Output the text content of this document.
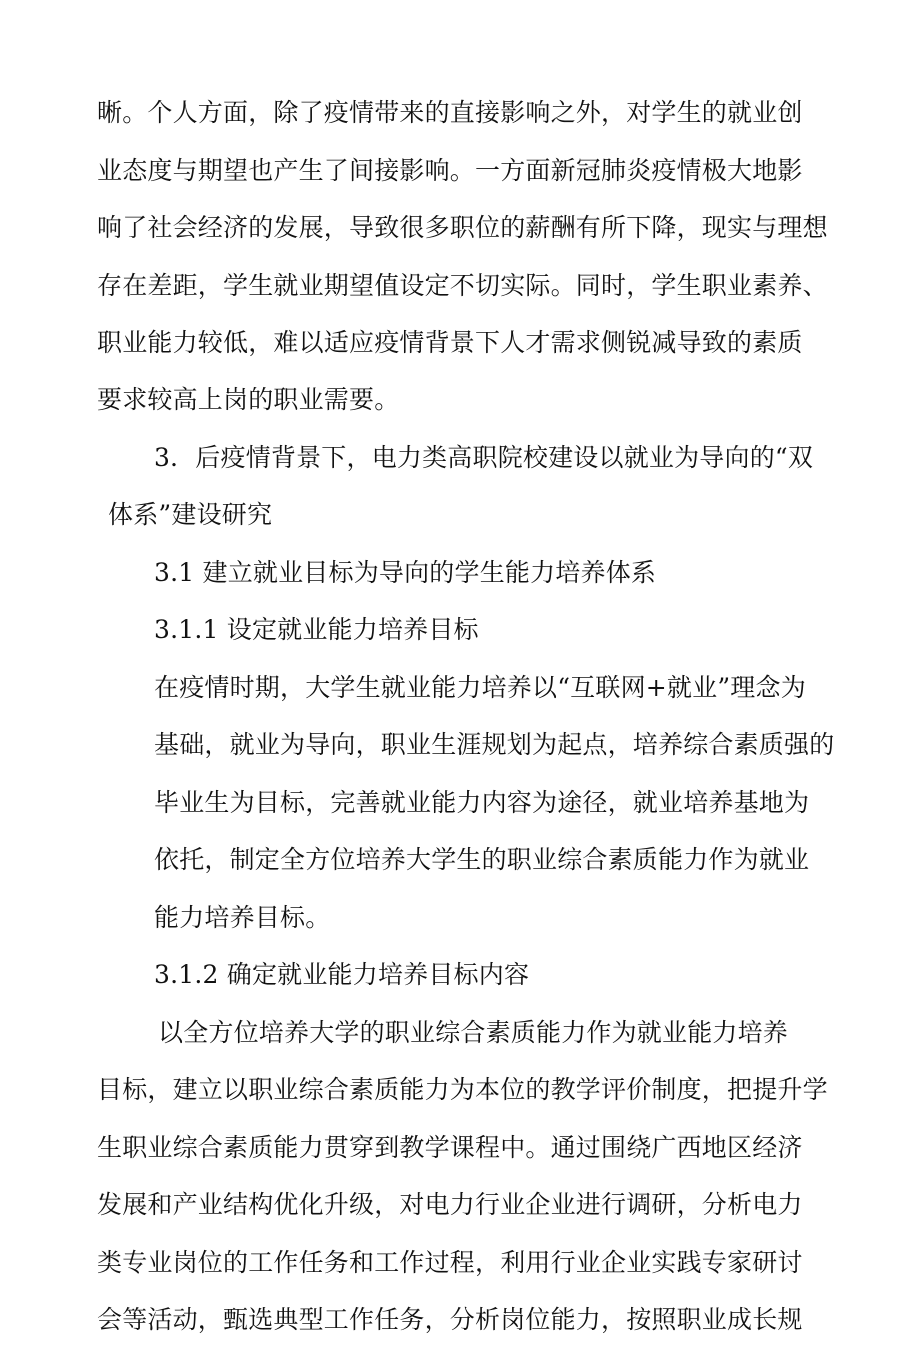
晰。个人方面，除了疫情带来的直接影响之外，对学生的就业创
业态度与期望也产生了间接影响。一方面新冠肺炎疫情极大地影
响了社会经济的发展，导致很多职位的薪酬有所下降，现实与理想
存在差距，学生就业期望值设定不切实际。同时，学生职业素养、
职业能力较低，难以适应疫情背景下人才需求侧锐减导致的素质
要求较高上岗的职业需要。
3．后疫情背景下，电力类高职院校建设以就业为导向的“双
体系”建设研究
3.1 建立就业目标为导向的学生能力培养体系
3.1.1 设定就业能力培养目标
在疫情时期，大学生就业能力培养以“互联网+就业”理念为
基础，就业为导向，职业生涯规划为起点，培养综合素质强的
毕业生为目标，完善就业能力内容为途径，就业培养基地为
依托，制定全方位培养大学生的职业综合素质能力作为就业
能力培养目标。
3.1.2 确定就业能力培养目标内容
以全方位培养大学的职业综合素质能力作为就业能力培养
目标，建立以职业综合素质能力为本位的教学评价制度，把提升学
生职业综合素质能力贯穿到教学课程中。通过围绕广西地区经济
发展和产业结构优化升级，对电力行业企业进行调研，分析电力
类专业岗位的工作任务和工作过程，利用行业企业实践专家研讨
会等活动，甄选典型工作任务，分析岗位能力，按照职业成长规
